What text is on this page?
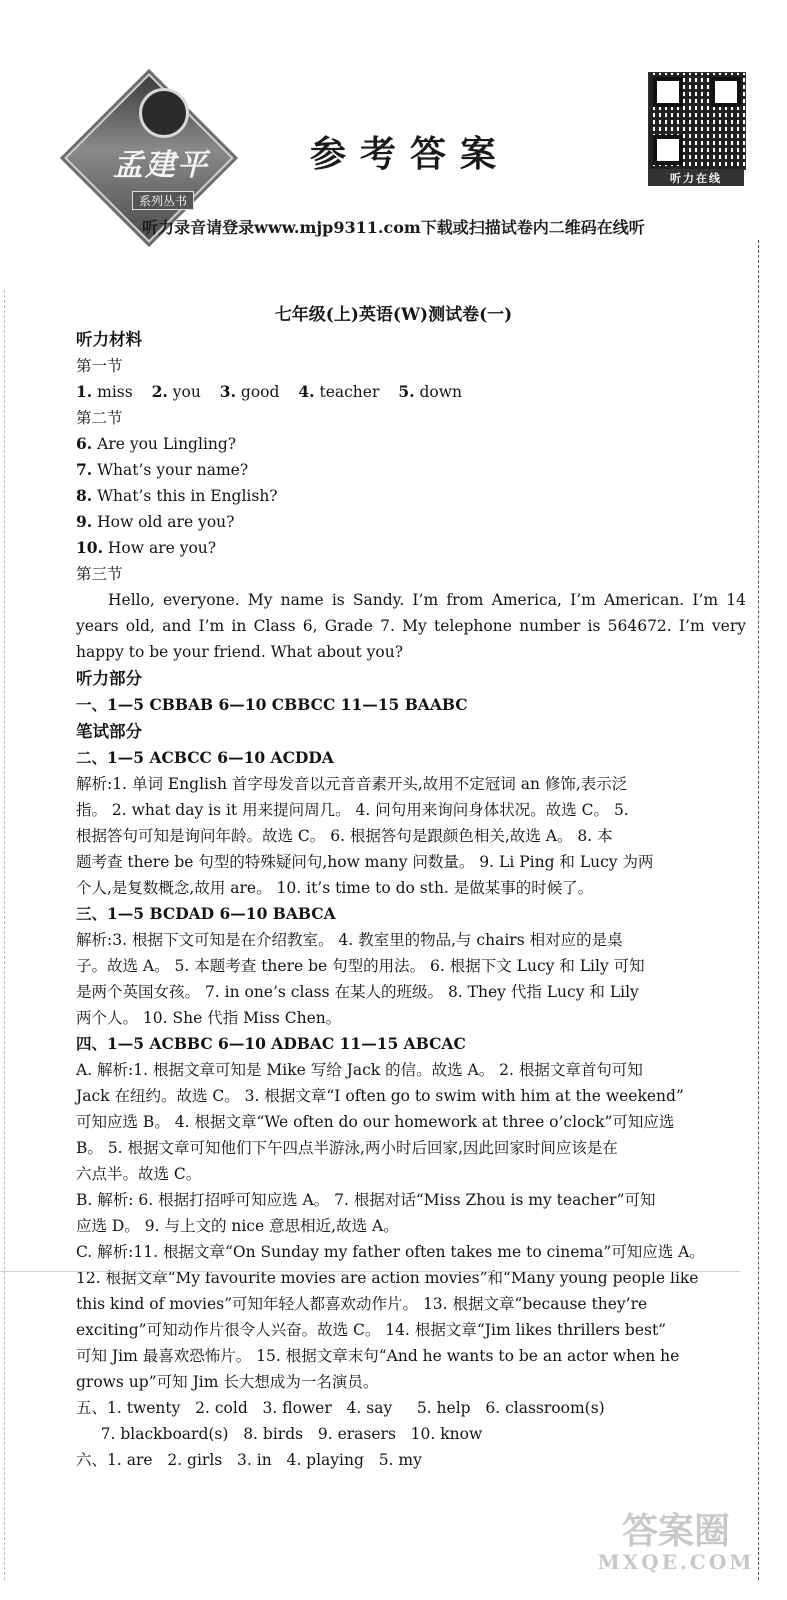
孟建平
系列丛书
参考答案
听力在线
听力录音请登录www.mjp9311.com下载或扫描试卷内二维码在线听
七年级(上)英语(W)测试卷(一)
听力材料
第一节
1. miss 2. you 3. good 4. teacher 5. down
第二节
6. Are you Lingling?
7. What’s your name?
8. What’s this in English?
9. How old are you?
10. How are you?
第三节
Hello, everyone. My name is Sandy. I’m from America, I’m American. I’m 14 years old, and I’m in Class 6, Grade 7. My telephone number is 564672. I’m very happy to be your friend. What about you?
听力部分
一、1—5 CBBAB 6—10 CBBCC 11—15 BAABC
笔试部分
二、1—5 ACBCC 6—10 ACDDA
解析:1. 单词 English 首字母发音以元音音素开头,故用不定冠词 an 修饰,表示泛
指。 2. what day is it 用来提问周几。 4. 问句用来询问身体状况。故选 C。 5.
根据答句可知是询问年龄。故选 C。 6. 根据答句是跟颜色相关,故选 A。 8. 本
题考查 there be 句型的特殊疑问句,how many 问数量。 9. Li Ping 和 Lucy 为两
个人,是复数概念,故用 are。 10. it’s time to do sth. 是做某事的时候了。
三、1—5 BCDAD 6—10 BABCA
解析:3. 根据下文可知是在介绍教室。 4. 教室里的物品,与 chairs 相对应的是桌
子。故选 A。 5. 本题考查 there be 句型的用法。 6. 根据下文 Lucy 和 Lily 可知
是两个英国女孩。 7. in one’s class 在某人的班级。 8. They 代指 Lucy 和 Lily
两个人。 10. She 代指 Miss Chen。
四、1—5 ACBBC 6—10 ADBAC 11—15 ABCAC
A. 解析:1. 根据文章可知是 Mike 写给 Jack 的信。故选 A。 2. 根据文章首句可知
Jack 在纽约。故选 C。 3. 根据文章“I often go to swim with him at the weekend”
可知应选 B。 4. 根据文章“We often do our homework at three o’clock”可知应选
B。 5. 根据文章可知他们下午四点半游泳,两小时后回家,因此回家时间应该是在
六点半。故选 C。
B. 解析: 6. 根据打招呼可知应选 A。 7. 根据对话“Miss Zhou is my teacher”可知
应选 D。 9. 与上文的 nice 意思相近,故选 A。
C. 解析:11. 根据文章“On Sunday my father often takes me to cinema”可知应选 A。
12. 根据文章“My favourite movies are action movies”和“Many young people like
this kind of movies”可知年轻人都喜欢动作片。 13. 根据文章“because they’re
exciting”可知动作片很令人兴奋。故选 C。 14. 根据文章“Jim likes thrillers best”
可知 Jim 最喜欢恐怖片。 15. 根据文章末句“And he wants to be an actor when he
grows up”可知 Jim 长大想成为一名演员。
五、1. twenty   2. cold   3. flower   4. say     5. help   6. classroom(s)
7. blackboard(s)   8. birds   9. erasers   10. know
六、1. are   2. girls   3. in   4. playing   5. my
答案圈
MXQE.COM
